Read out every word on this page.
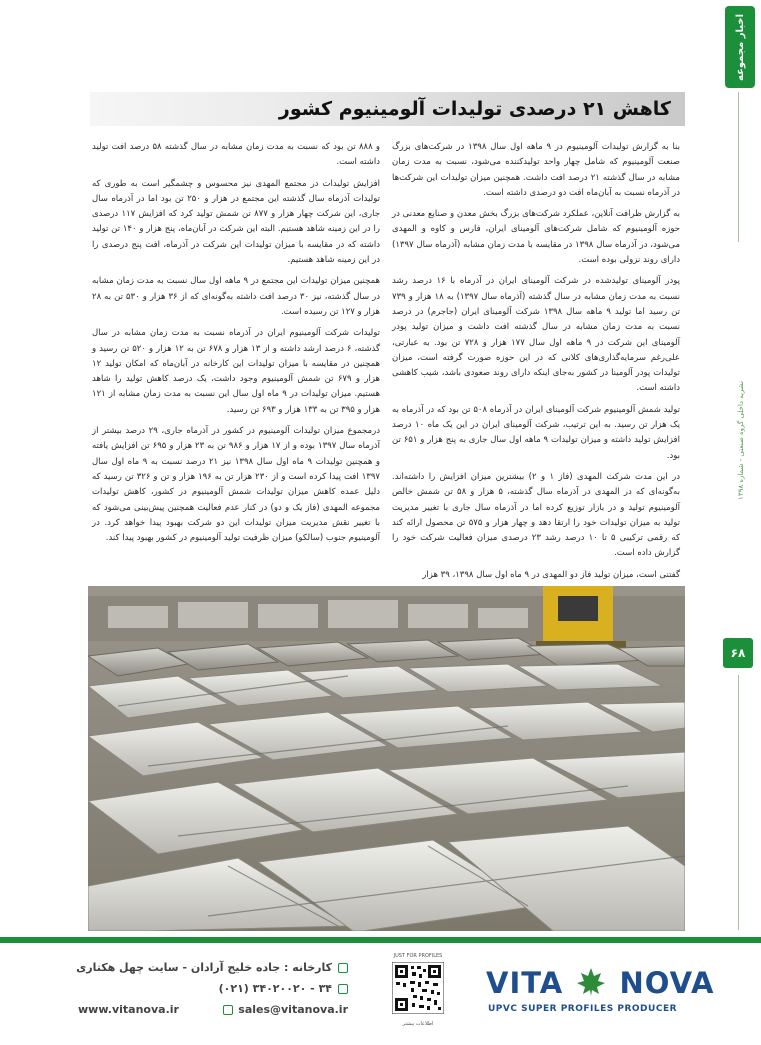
اخبار مجموعه
نشریه داخلی گروه صنعتی - شماره ۱۳۹۸
۶۸
کاهش ۲۱ درصدی تولیدات آلومینیوم کشور

بنا به گزارش تولیدات آلومینیوم در ۹ ماهه اول سال ۱۳۹۸ در شرکت‌های بزرگ صنعت آلومینیوم که شامل چهار واحد تولیدکننده می‌شود، نسبت به مدت زمان مشابه در سال گذشته ۲۱ درصد افت داشت. همچنین میزان تولیدات این شرکت‌ها در آذرماه نسبت به آبان‌ماه افت دو درصدی داشته است.

به گزارش ظرافت آنلاین، عملکرد شرکت‌های بزرگ بخش معدن و صنایع معدنی در حوزه آلومینیوم که شامل شرکت‌های آلومینای ایران، فارس و کاوه و المهدی می‌شود، در آذرماه سال ۱۳۹۸ در مقایسه با مدت زمان مشابه (آذرماه سال ۱۳۹۷) دارای روند نزولی بوده است.

پودر آلومینای تولیدشده در شرکت آلومینای ایران در آذرماه با ۱۶ درصد رشد نسبت به مدت زمان مشابه در سال گذشته (آذرماه سال ۱۳۹۷) به ۱۸ هزار و ۷۳۹ تن رسید اما تولید ۹ ماهه سال ۱۳۹۸ شرکت آلومینای ایران (جاجرم) در درصد نسبت به مدت زمان مشابه در سال گذشته افت داشت و میزان تولید پودر آلومینای این شرکت در ۹ ماهه اول سال ۱۷۷ هزار و ۷۲۸ تن بود. به عبارتی، علی‌رغم سرمایه‌گذاری‌های کلانی که در این حوزه صورت گرفته است، میزان تولیدات پودر آلومینا در کشور به‌جای اینکه دارای روند صعودی باشد، شیب کاهشی داشته است.

تولید شمش آلومینیوم شرکت آلومینای ایران در آذرماه ۵۰۸ تن بود که در آذرماه به یک هزار تن رسید. به این ترتیب، شرکت آلومینای ایران در این یک ماه ۱۰ درصد افزایش تولید داشته و میزان تولیدات ۹ ماهه اول سال جاری به پنج هزار و ۶۵۱ تن بود.

در این مدت شرکت المهدی (فاز ۱ و ۲) بیشترین میزان افزایش را داشته‌اند. به‌گونه‌ای که در المهدی در آذرماه سال گذشته، ۵ هزار و ۵۸ تن شمش خالص آلومینیوم تولید و در بازار توزیع کرده اما در آذرماه سال جاری با تغییر مدیریت تولید به میزان تولیدات خود را ارتقا دهد و چهار هزار و ۵۷۵ تن محصول ارائه کند که رقمی ترکیبی ۵ تا ۱۰ درصد رشد ۲۳ درصدی میزان فعالیت شرکت خود را گزارش داده است.

گفتنی است، میزان تولید فاز دو المهدی در ۹ ماه اول سال ۱۳۹۸، ۳۹ هزار

و ۸۸۸ تن بود که نسبت به مدت زمان مشابه در سال گذشته ۵۸ درصد افت تولید داشته است.

افزایش تولیدات در مجتمع المهدی نیز محسوس و چشمگیر است به طوری که تولیدات آذرماه سال گذشته این مجتمع در هزار و ۲۵۰ تن بود اما در آذرماه سال جاری، این شرکت چهار هزار و ۸۷۷ تن شمش تولید کرد که افزایش ۱۱۷ درصدی را در این زمینه شاهد هستیم. البته این شرکت در آبان‌ماه، پنج هزار و ۱۴۰ تن تولید داشته که در مقایسه با میزان تولیدات این شرکت در آذرماه، افت پنج درصدی را در این زمینه شاهد هستیم.

همچنین میزان تولیدات این مجتمع در ۹ ماهه اول سال نسبت به مدت زمان مشابه در سال گذشته، نیز ۳۰ درصد افت داشته به‌گونه‌ای که از ۳۶ هزار و ۵۳۰ تن به ۲۸ هزار و ۱۲۷ تن رسیده است.

تولیدات شرکت آلومینیوم ایران در آذرماه نسبت به مدت زمان مشابه در سال گذشته، ۶ درصد ارشد داشته و از ۱۳ هزار و ۶۷۸ تن به ۱۲ هزار و ۵۲۰ تن رسید و همچنین در مقایسه با میزان تولیدات این کارخانه در آبان‌ماه که امکان تولید ۱۲ هزار و ۶۷۹ تن شمش آلومینیوم وجود داشت، یک درصد کاهش تولید را شاهد هستیم. میزان تولیدات در ۹ ماه اول سال این نسبت به مدت زمان مشابه از ۱۲۱ هزار و ۳۹۵ تن به ۱۳۳ هزار و ۶۹۳ تن رسید.

درمجموع میزان تولیدات آلومینیوم در کشور در آذرماه جاری، ۲۹ درصد بیشتر از آذرماه سال ۱۳۹۷ بوده و از ۱۷ هزار و ۹۸۶ تن به ۲۳ هزار و ۶۹۵ تن افزایش یافته و همچنین تولیدات ۹ ماه اول سال ۱۳۹۸ نیز ۲۱ درصد نسبت به ۹ ماه اول سال ۱۳۹۷ افت پیدا کرده است و از ۲۳۰ هزار تن به ۱۹۶ هزار و تن و ۳۲۶ تن رسید که دلیل عمده کاهش میزان تولیدات شمش آلومینیوم در کشور، کاهش تولیدات مجموعه المهدی (فاز یک و دو) در کنار عدم فعالیت همچنین پیش‌بینی می‌شود که با تغییر نقش مدیریت میزان تولیدات این دو شرکت بهبود پیدا خواهد کرد. در آلومینیوم جنوب (سالکو) میزان ظرفیت تولید آلومینیوم در کشور بهبود پیدا کند.

VITA NOVA
UPVC SUPER PROFILES PRODUCER
JUST FOR PROFILES
اطلاعات بیشتر
کارخانه : جاده خلیج آرادان - سایت چهل هکتاری
(۰۲۱) ۳۴۰۲۰۰۲۰ - ۳۴
www.vitanova.ir	sales@vitanova.ir
